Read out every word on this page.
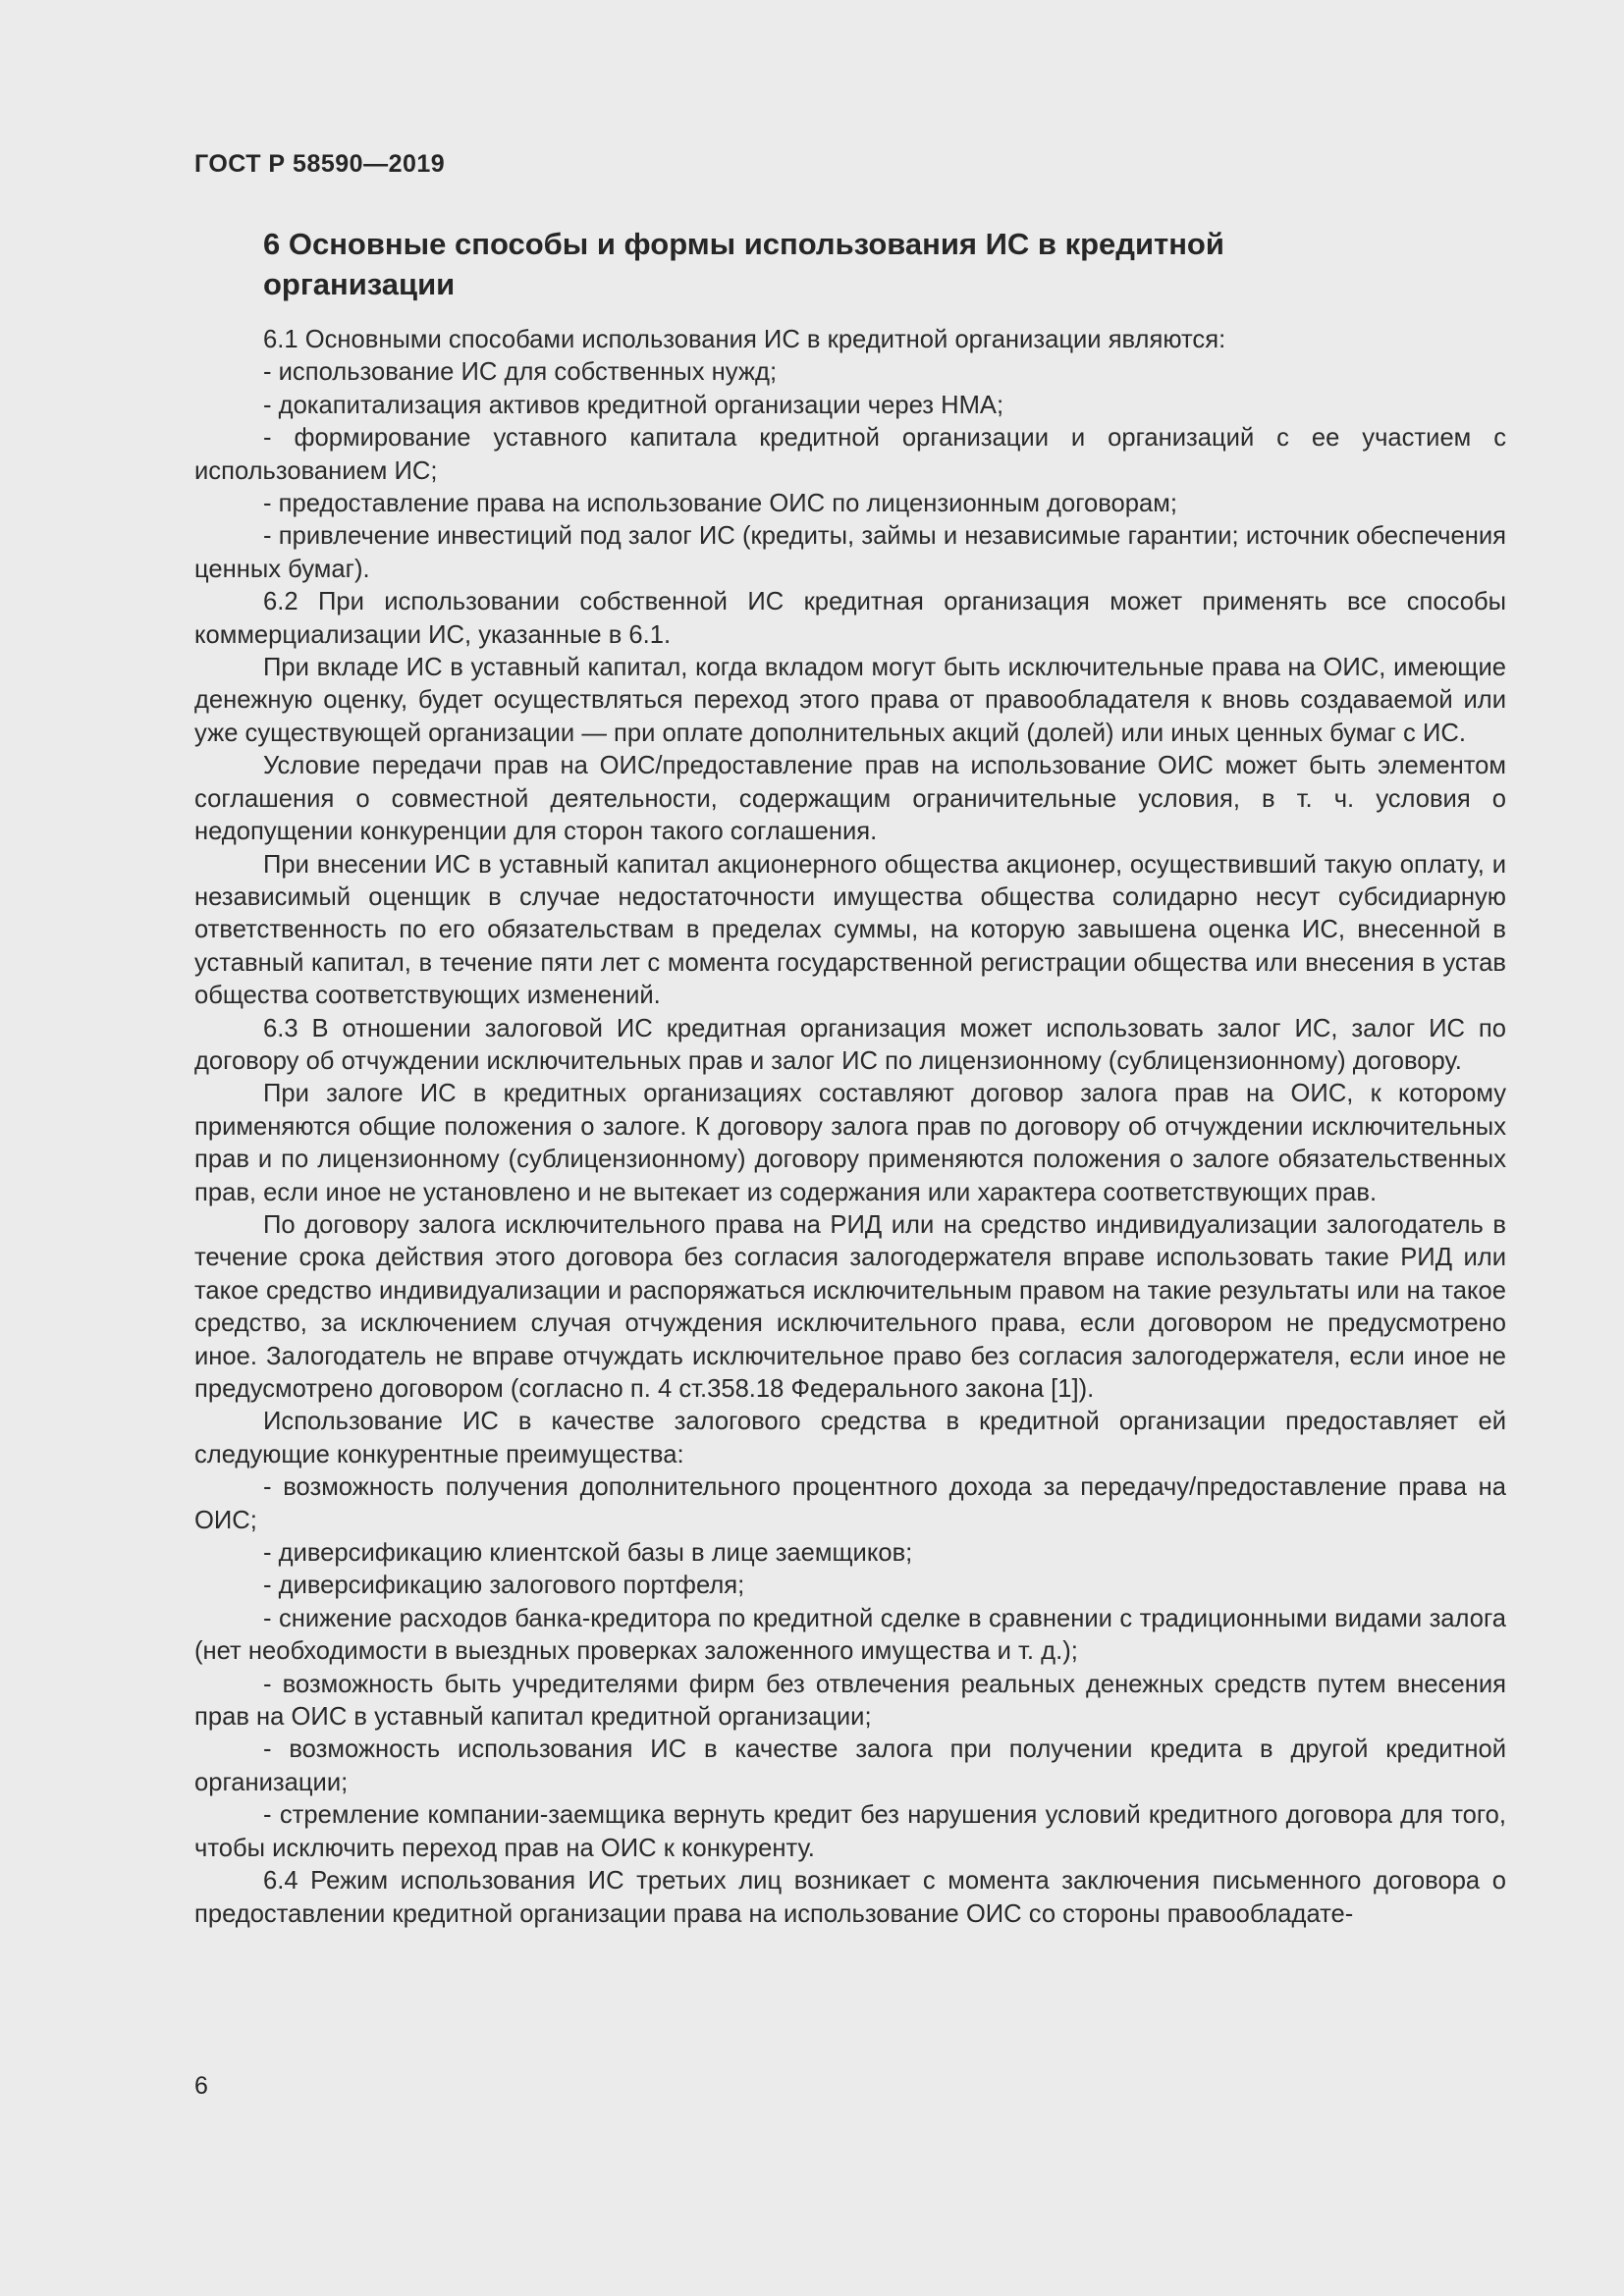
ГОСТ Р 58590—2019
6 Основные способы и формы использования ИС в кредитной организации

6.1 Основными способами использования ИС в кредитной организации являются:

- использование ИС для собственных нужд;

- докапитализация активов кредитной организации через НМА;

- формирование уставного капитала кредитной организации и организаций с ее участием с использованием ИС;

- предоставление права на использование ОИС по лицензионным договорам;

- привлечение инвестиций под залог ИС (кредиты, займы и независимые гарантии; источник обеспечения ценных бумаг).

6.2 При использовании собственной ИС кредитная организация может применять все способы коммерциализации ИС, указанные в 6.1.

При вкладе ИС в уставный капитал, когда вкладом могут быть исключительные права на ОИС, имеющие денежную оценку, будет осуществляться переход этого права от правообладателя к вновь создаваемой или уже существующей организации — при оплате дополнительных акций (долей) или иных ценных бумаг с ИС.

Условие передачи прав на ОИС/предоставление прав на использование ОИС может быть элементом соглашения о совместной деятельности, содержащим ограничительные условия, в т. ч. условия о недопущении конкуренции для сторон такого соглашения.

При внесении ИС в уставный капитал акционерного общества акционер, осуществивший такую оплату, и независимый оценщик в случае недостаточности имущества общества солидарно несут субсидиарную ответственность по его обязательствам в пределах суммы, на которую завышена оценка ИС, внесенной в уставный капитал, в течение пяти лет с момента государственной регистрации общества или внесения в устав общества соответствующих изменений.

6.3 В отношении залоговой ИС кредитная организация может использовать залог ИС, залог ИС по договору об отчуждении исключительных прав и залог ИС по лицензионному (сублицензионному) договору.

При залоге ИС в кредитных организациях составляют договор залога прав на ОИС, к которому применяются общие положения о залоге. К договору залога прав по договору об отчуждении исключительных прав и по лицензионному (сублицензионному) договору применяются положения о залоге обязательственных прав, если иное не установлено и не вытекает из содержания или характера соответствующих прав.

По договору залога исключительного права на РИД или на средство индивидуализации залогодатель в течение срока действия этого договора без согласия залогодержателя вправе использовать такие РИД или такое средство индивидуализации и распоряжаться исключительным правом на такие результаты или на такое средство, за исключением случая отчуждения исключительного права, если договором не предусмотрено иное. Залогодатель не вправе отчуждать исключительное право без согласия залогодержателя, если иное не предусмотрено договором (согласно п. 4 ст.358.18 Федерального закона [1]).

Использование ИС в качестве залогового средства в кредитной организации предоставляет ей следующие конкурентные преимущества:

- возможность получения дополнительного процентного дохода за передачу/предоставление права на ОИС;

- диверсификацию клиентской базы в лице заемщиков;

- диверсификацию залогового портфеля;

- снижение расходов банка-кредитора по кредитной сделке в сравнении с традиционными видами залога (нет необходимости в выездных проверках заложенного имущества и т. д.);

- возможность быть учредителями фирм без отвлечения реальных денежных средств путем внесения прав на ОИС в уставный капитал кредитной организации;

- возможность использования ИС в качестве залога при получении кредита в другой кредитной организации;

- стремление компании-заемщика вернуть кредит без нарушения условий кредитного договора для того, чтобы исключить переход прав на ОИС к конкуренту.

6.4 Режим использования ИС третьих лиц возникает с момента заключения письменного договора о предоставлении кредитной организации права на использование ОИС со стороны правообладате-

6
